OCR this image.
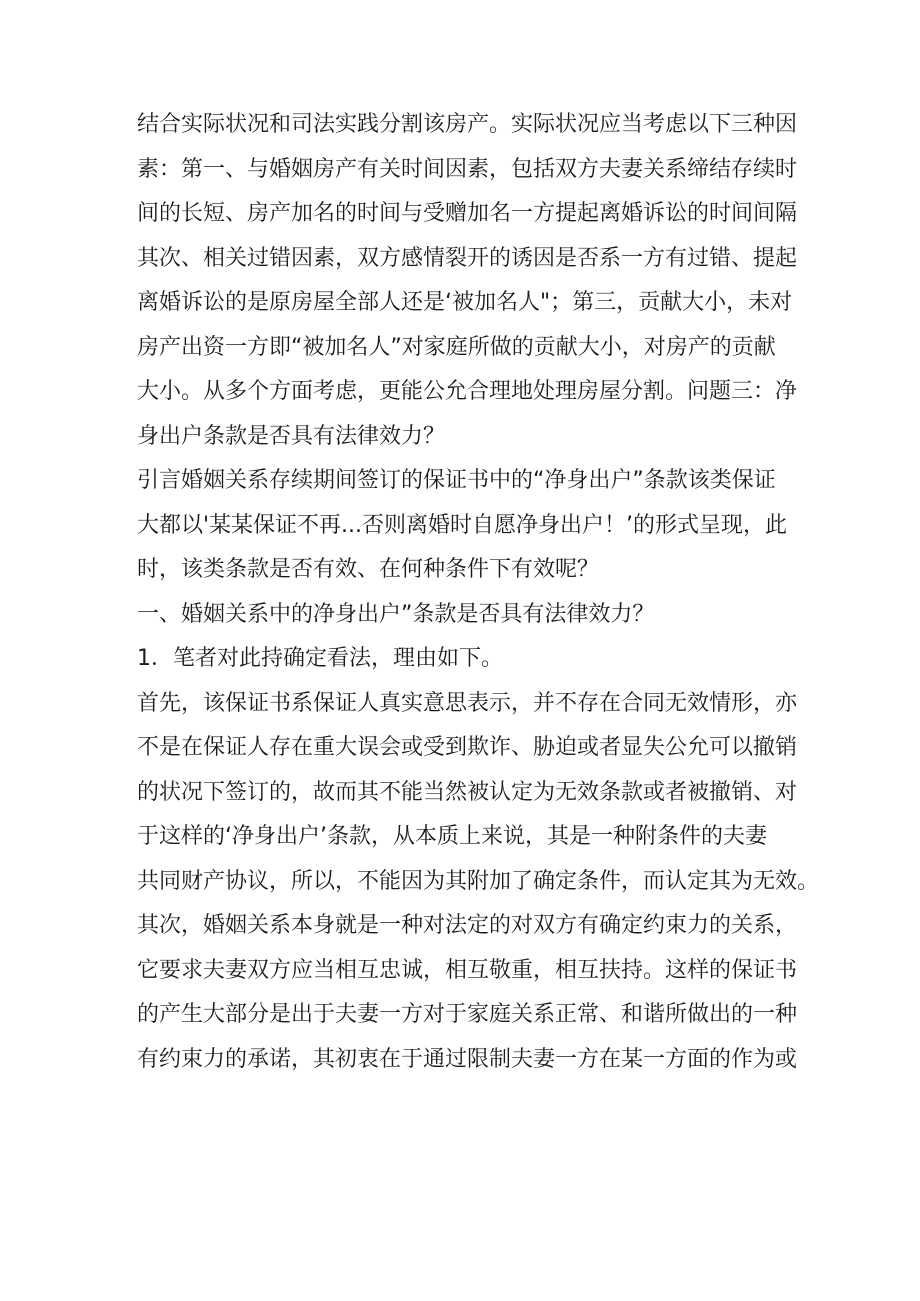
结合实际状况和司法实践分割该房产。实际状况应当考虑以下三种因
素：第一、与婚姻房产有关时间因素，包括双方夫妻关系缔结存续时
间的长短、房产加名的时间与受赠加名一方提起离婚诉讼的时间间隔
其次、相关过错因素，双方感情裂开的诱因是否系一方有过错、提起
离婚诉讼的是原房屋全部人还是‘被加名人"；第三，贡献大小，未对
房产出资一方即“被加名人”对家庭所做的贡献大小，对房产的贡献
大小。从多个方面考虑，更能公允合理地处理房屋分割。问题三：净
身出户条款是否具有法律效力？
引言婚姻关系存续期间签订的保证书中的“净身出户”条款该类保证
大都以'某某保证不再...否则离婚时自愿净身出户！’的形式呈现，此
时，该类条款是否有效、在何种条件下有效呢？
一、婚姻关系中的净身出户”条款是否具有法律效力？
1．笔者对此持确定看法，理由如下。
首先，该保证书系保证人真实意思表示，并不存在合同无效情形，亦
不是在保证人存在重大误会或受到欺诈、胁迫或者显失公允可以撤销
的状况下签订的，故而其不能当然被认定为无效条款或者被撤销、对
于这样的‘净身出户’条款，从本质上来说，其是一种附条件的夫妻
共同财产协议，所以，不能因为其附加了确定条件，而认定其为无效。
其次，婚姻关系本身就是一种对法定的对双方有确定约束力的关系，
它要求夫妻双方应当相互忠诚，相互敬重，相互扶持。这样的保证书
的产生大部分是出于夫妻一方对于家庭关系正常、和谐所做出的一种
有约束力的承诺，其初衷在于通过限制夫妻一方在某一方面的作为或
